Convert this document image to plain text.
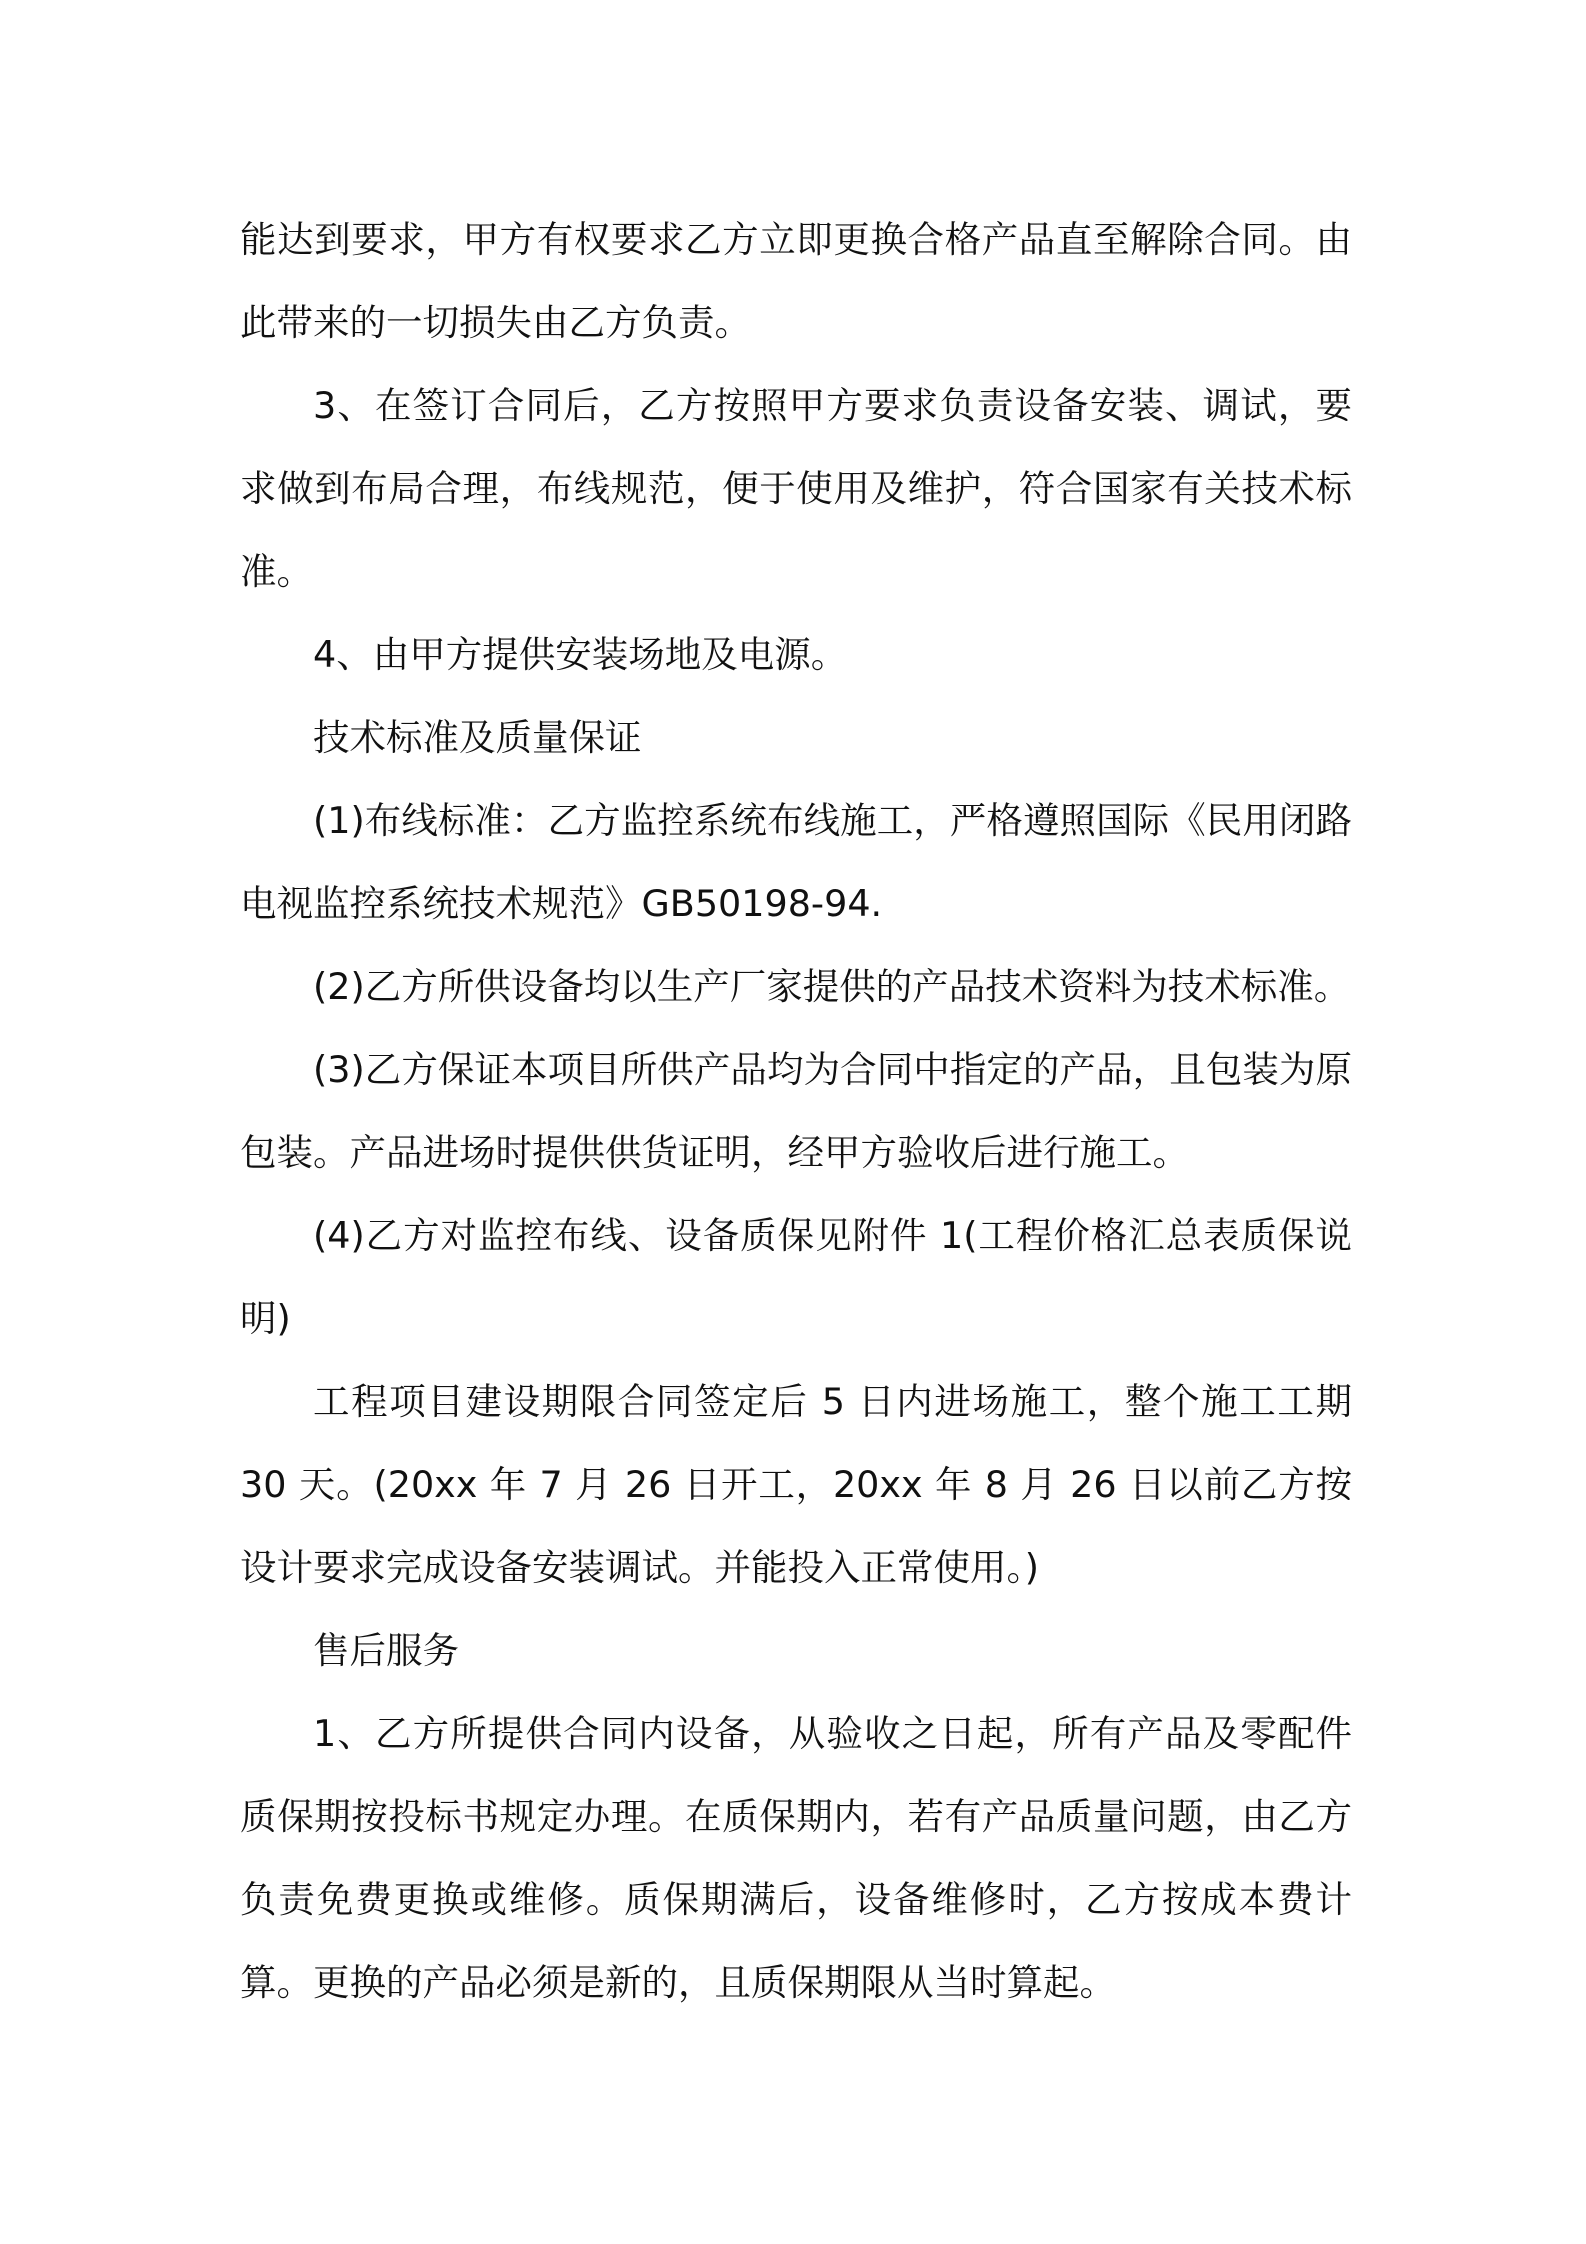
能达到要求，甲方有权要求乙方立即更换合格产品直至解除合同。由此带来的一切损失由乙方负责。

3、在签订合同后，乙方按照甲方要求负责设备安装、调试，要求做到布局合理，布线规范，便于使用及维护，符合国家有关技术标准。

4、由甲方提供安装场地及电源。

技术标准及质量保证

(1)布线标准：乙方监控系统布线施工，严格遵照国际《民用闭路电视监控系统技术规范》GB50198-94.

(2)乙方所供设备均以生产厂家提供的产品技术资料为技术标准。

(3)乙方保证本项目所供产品均为合同中指定的产品，且包装为原包装。产品进场时提供供货证明，经甲方验收后进行施工。

(4)乙方对监控布线、设备质保见附件 1(工程价格汇总表质保说明)

工程项目建设期限合同签定后 5 日内进场施工，整个施工工期 30 天。(20xx 年 7 月 26 日开工，20xx 年 8 月 26 日以前乙方按设计要求完成设备安装调试。并能投入正常使用。)

售后服务

1、乙方所提供合同内设备，从验收之日起，所有产品及零配件质保期按投标书规定办理。在质保期内，若有产品质量问题，由乙方负责免费更换或维修。质保期满后，设备维修时，乙方按成本费计算。更换的产品必须是新的，且质保期限从当时算起。
